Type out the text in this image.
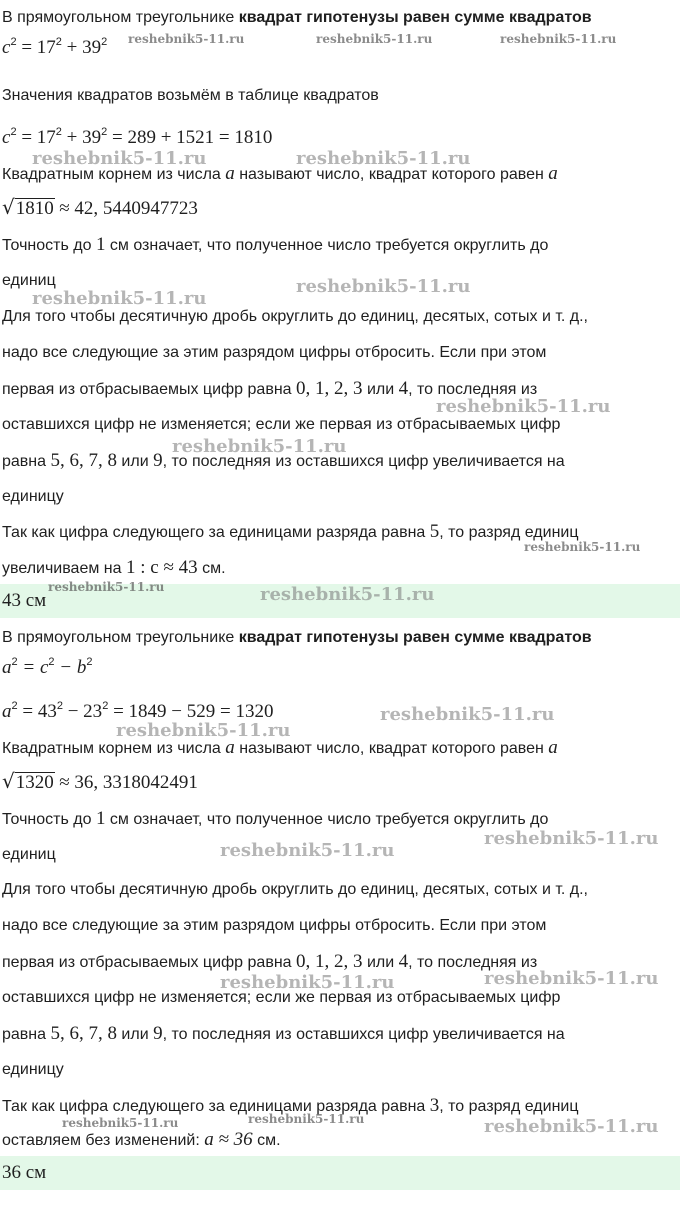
В прямоугольном треугольнике квадрат гипотенузы равен сумме квадратов
$c^2 = 17^2 + 39^2$
Значения квадратов возьмём в таблице квадратов
$c^2 = 17^2 + 39^2 = 289 + 1521 = 1810$
Квадратным корнем из числа a называют число, квадрат которого равен a
√1810 ≈ 42, 5440947723
Точность до 1 см означает, что полученное число требуется округлить до
единиц
Для того чтобы десятичную дробь округлить до единиц, десятых, сотых и т. д.,
надо все следующие за этим разрядом цифры отбросить. Если при этом
первая из отбрасываемых цифр равна 0, 1, 2, 3 или 4, то последняя из
оставшихся цифр не изменяется; если же первая из отбрасываемых цифр
равна 5, 6, 7, 8 или 9, то последняя из оставшихся цифр увеличивается на
единицу
Так как цифра следующего за единицами разряда равна 5, то разряд единиц
увеличиваем на 1 : c ≈ 43 см.
43 см
В прямоугольном треугольнике квадрат гипотенузы равен сумме квадратов
$a^2 = c^2 - b^2$
$a^2 = 43^2 - 23^2 = 1849 - 529 = 1320$
Квадратным корнем из числа a называют число, квадрат которого равен a
√1320 ≈ 36, 3318042491
Точность до 1 см означает, что полученное число требуется округлить до
единиц
Для того чтобы десятичную дробь округлить до единиц, десятых, сотых и т. д.,
надо все следующие за этим разрядом цифры отбросить. Если при этом
первая из отбрасываемых цифр равна 0, 1, 2, 3 или 4, то последняя из
оставшихся цифр не изменяется; если же первая из отбрасываемых цифр
равна 5, 6, 7, 8 или 9, то последняя из оставшихся цифр увеличивается на
единицу
Так как цифра следующего за единицами разряда равна 3, то разряд единиц
оставляем без изменений: a ≈ 36 см.
36 см
reshebnik5-11.ru	reshebnik5-11.ru	reshebnik5-11.ru
reshebnik5-11.ru	reshebnik5-11.ru
reshebnik5-11.ru
reshebnik5-11.ru
reshebnik5-11.ru
reshebnik5-11.ru
reshebnik5-11.ru
reshebnik5-11.ru	reshebnik5-11.ru
reshebnik5-11.ru
reshebnik5-11.ru
reshebnik5-11.ru
reshebnik5-11.ru
reshebnik5-11.ru	reshebnik5-11.ru
reshebnik5-11.ru	reshebnik5-11.ru	reshebnik5-11.ru
